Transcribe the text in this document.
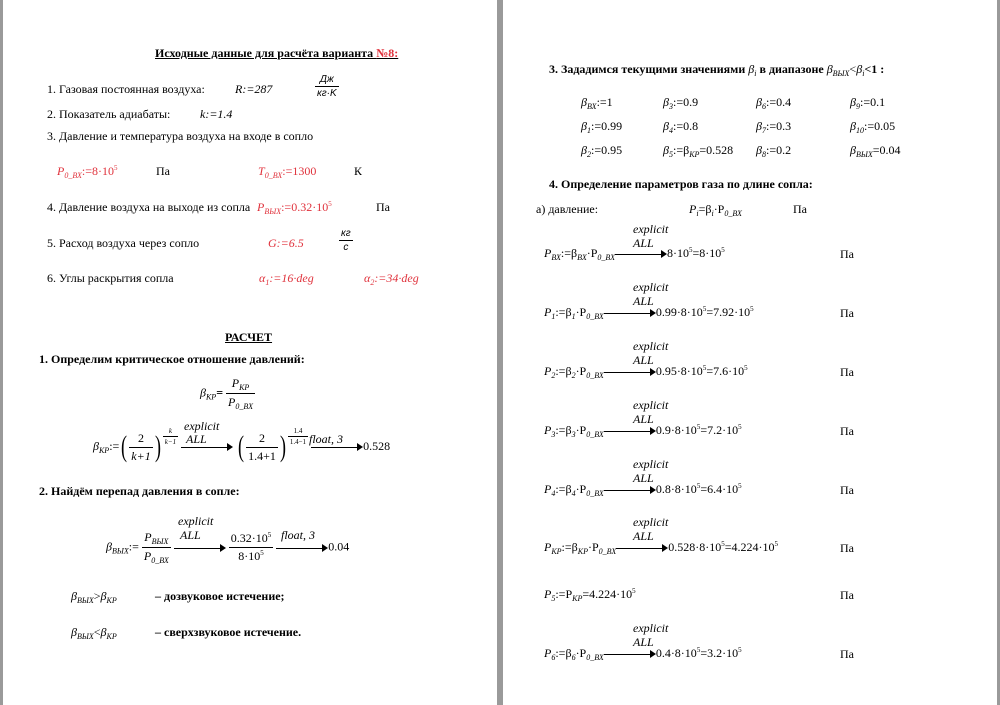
Исходные данные для расчёта варианта №8:
1. Газовая постоянная воздуха:	R:=287	$\frac{Дж}{кг\cdot K}$
2. Показатель адиабаты: k:=1.4
3. Давление и температура воздуха на входе в сопло
$P_{0\_ВХ}:=8\cdot 10^5$	Па	$T_{0\_ВХ}:=1300$	К
4. Давление воздуха на выходе из сопла $P_{ВЫХ}:=0.32\cdot 10^5$	Па
5. Расход воздуха через сопло	G:=6.5	$\frac{кг}{с}$
6. Углы раскрытия сопла	$\alpha_1:=16\cdot deg$	$\alpha_2:=34\cdot deg$
РАСЧЕТ
1. Определим критическое отношение давлений:
$\beta_{КР}= \frac{P_{КР}}{P_{0\_ВХ}}$
explicit
ALL	float, 3
$\beta_{КР}:=( \frac{2}{k+1}$ ) $\frac{k}{k-1}$ ( $\frac{2}{1.4+1}$ ) $\frac{1.4}{1.4-1}$
0.528
2. Найдём перепад давления в сопле:
explicit
ALL	float, 3
$\beta_{ВЫХ}:= \frac{P_{ВЫХ}}{P_{0\_ВХ}}$
	$\frac{0.32\cdot 10^5}{8\cdot 10^5}$	0.04
$\beta_{ВЫХ}>\beta_{КР}$	– дозвуковое истечение;
$\beta_{ВЫХ}<\beta_{КР}$	– сверхзвуковое истечение.
3. Зададимся текущими значениями $\beta_i$ в диапазоне $\beta_{ВЫХ}<\beta_i<1$ :
$\beta_{ВХ}:=1$	$\beta_3:=0.9$	$\beta_6:=0.4$	$\beta_9:=0.1$
$\beta_1:=0.99$	$\beta_4:=0.8$	$\beta_7:=0.3$	$\beta_{10}:=0.05$
$\beta_2:=0.95$	$\beta_5:=\beta_{КР}=0.528$ $\beta_8:=0.2$	$\beta_{ВЫХ}=0.04$
4. Определение параметров газа по длине сопла:
а) давление:	$P_i=\beta_i\cdot P_{0\_ВХ}$	Па
explicit
ALL
$P_{ВХ}:=\beta_{ВХ}\cdot P_{0\_ВХ}$	$8\cdot 10^5=8\cdot 10^5$	Па
explicit
ALL
$P_1:=\beta_1\cdot P_{0\_ВХ}$	$0.99\cdot 8\cdot 10^5=7.92\cdot 10^5$	Па
explicit
ALL
$P_2:=\beta_2\cdot P_{0\_ВХ}$	$0.95\cdot 8\cdot 10^5=7.6\cdot 10^5$	Па
explicit
ALL
$P_3:=\beta_3\cdot P_{0\_ВХ}$	$0.9\cdot 8\cdot 10^5=7.2\cdot 10^5$	Па
explicit
ALL
$P_4:=\beta_4\cdot P_{0\_ВХ}$	$0.8\cdot 8\cdot 10^5=6.4\cdot 10^5$	Па
explicit
ALL
$P_{КР}:=\beta_{КР}\cdot P_{0\_ВХ}$	$0.528\cdot 8\cdot 10^5=4.224\cdot 10^5$	Па
$P_5:=P_{КР}=4.224\cdot 10^5$	Па
explicit
ALL
$P_6:=\beta_6\cdot P_{0\_ВХ}$	$0.4\cdot 8\cdot 10^5=3.2\cdot 10^5$	Па
